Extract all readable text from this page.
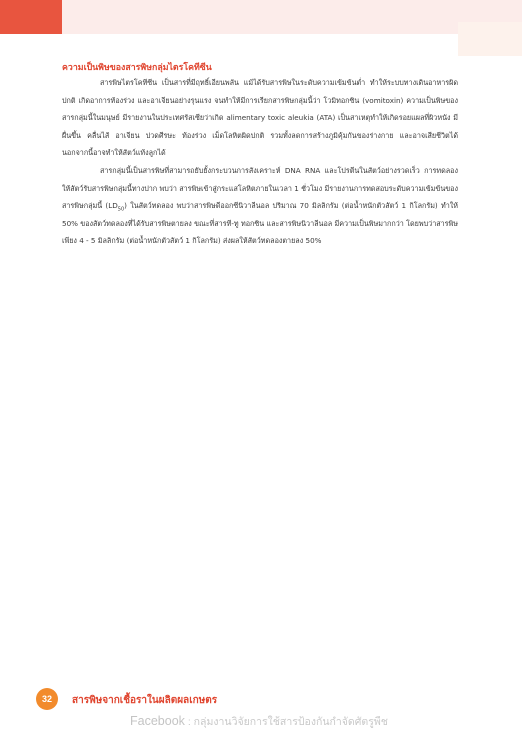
ความเป็นพิษของสารพิษกลุ่มไตรโคทีซีน

สารพิษไตรโคทีซีน เป็นสารที่มีฤทธิ์เอียนพลัน แม้ได้รับสารพิษในระดับความเข้มข้นต่ำ ทำให้ระบบทางเดินอาหารผิดปกติ เกิดอาการท้องร่วง และอาเจียนอย่างรุนแรง จนทำให้มีการเรียกสารพิษกลุ่มนี้ว่า โวมิทอกซิน (vomitoxin) ความเป็นพิษของสารกลุ่มนี้ในมนุษย์ มีรายงานในประเทศรัสเซียว่าเกิด alimentary toxic aleukia (ATA) เป็นสาเหตุทำให้เกิดรอยแผลที่ผิวหนัง มีผื่นขึ้น คลื่นไส้ อาเจียน ปวดศีรษะ ท้องร่วง เม็ดโลหิตผิดปกติ รวมทั้งลดการสร้างภูมิคุ้มกันของร่างกาย และอาจเสียชีวิตได้ นอกจากนี้อาจทำให้สัตว์แท้งลูกได้

สารกลุ่มนี้เป็นสารพิษที่สามารถยับยั้งกระบวนการสังเคราะห์ DNA RNA และโปรตีนในสัตว์อย่างรวดเร็ว การทดลองให้สัตว์รับสารพิษกลุ่มนี้ทางปาก พบว่า สารพิษเข้าสู่กระแสโลหิตภายในเวลา 1 ชั่วโมง มีรายงานการทดสอบระดับความเข้มข้นของสารพิษกลุ่มนี้ $(LD_{50})$ ในสัตว์ทดลอง พบว่าสารพิษดีออกซีนิวาลีนอล ปริมาณ 70 มิลลิกรัม (ต่อน้ำหนักตัวสัตว์ 1 กิโลกรัม) ทำให้ 50% ของสัตว์ทดลองที่ได้รับสารพิษตายลง ขณะที่สารที-ทู ทอกซิน และสารพิษนิวาลีนอล มีความเป็นพิษมากกว่า โดยพบว่าสารพิษเพียง 4 - 5 มิลลิกรัม (ต่อน้ำหนักตัวสัตว์ 1 กิโลกรัม) ส่งผลให้สัตว์ทดลองตายลง 50%

32	สารพิษจากเชื้อราในผลิตผลเกษตร
Facebook : กลุ่มงานวิจัยการใช้สารป้องกันกำจัดศัตรูพืช
